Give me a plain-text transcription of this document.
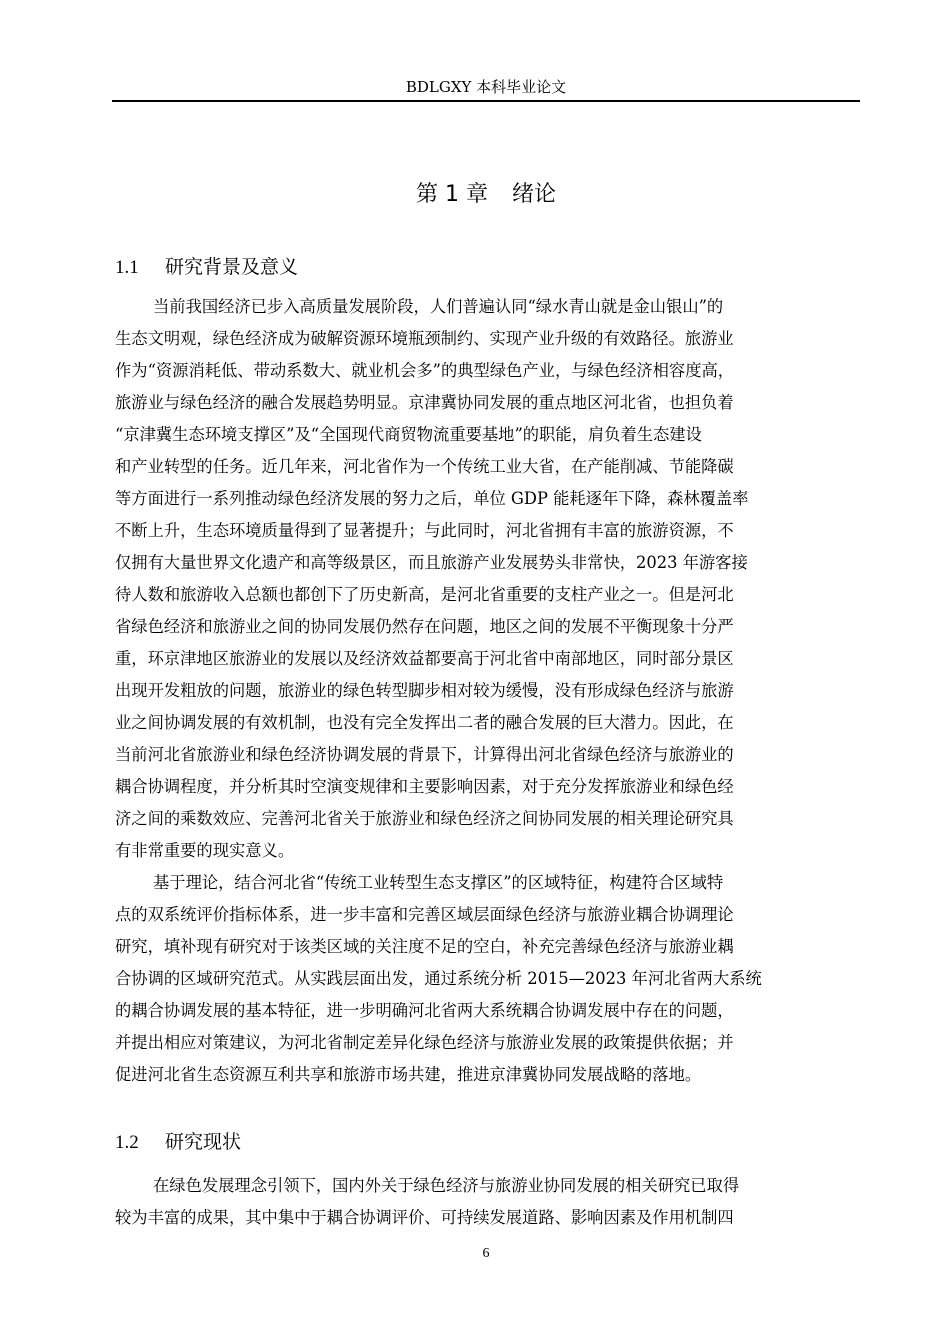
BDLGXY 本科毕业论文
第 1 章 绪论
1.1 研究背景及意义
当前我国经济已步入高质量发展阶段，人们普遍认同“绿水青山就是金山银山”的
生态文明观，绿色经济成为破解资源环境瓶颈制约、实现产业升级的有效路径。旅游业
作为“资源消耗低、带动系数大、就业机会多”的典型绿色产业，与绿色经济相容度高，
旅游业与绿色经济的融合发展趋势明显。京津冀协同发展的重点地区河北省，也担负着
“京津冀生态环境支撑区”及“全国现代商贸物流重要基地”的职能，肩负着生态建设
和产业转型的任务。近几年来，河北省作为一个传统工业大省，在产能削减、节能降碳
等方面进行一系列推动绿色经济发展的努力之后，单位 GDP 能耗逐年下降，森林覆盖率
不断上升，生态环境质量得到了显著提升；与此同时，河北省拥有丰富的旅游资源，不
仅拥有大量世界文化遗产和高等级景区，而且旅游产业发展势头非常快，2023 年游客接
待人数和旅游收入总额也都创下了历史新高，是河北省重要的支柱产业之一。但是河北
省绿色经济和旅游业之间的协同发展仍然存在问题，地区之间的发展不平衡现象十分严
重，环京津地区旅游业的发展以及经济效益都要高于河北省中南部地区，同时部分景区
出现开发粗放的问题，旅游业的绿色转型脚步相对较为缓慢，没有形成绿色经济与旅游
业之间协调发展的有效机制，也没有完全发挥出二者的融合发展的巨大潜力。因此，在
当前河北省旅游业和绿色经济协调发展的背景下，计算得出河北省绿色经济与旅游业的
耦合协调程度，并分析其时空演变规律和主要影响因素，对于充分发挥旅游业和绿色经
济之间的乘数效应、完善河北省关于旅游业和绿色经济之间协同发展的相关理论研究具
有非常重要的现实意义。
基于理论，结合河北省“传统工业转型生态支撑区”的区域特征，构建符合区域特
点的双系统评价指标体系，进一步丰富和完善区域层面绿色经济与旅游业耦合协调理论
研究，填补现有研究对于该类区域的关注度不足的空白，补充完善绿色经济与旅游业耦
合协调的区域研究范式。从实践层面出发，通过系统分析 2015—2023 年河北省两大系统
的耦合协调发展的基本特征，进一步明确河北省两大系统耦合协调发展中存在的问题，
并提出相应对策建议，为河北省制定差异化绿色经济与旅游业发展的政策提供依据；并
促进河北省生态资源互利共享和旅游市场共建，推进京津冀协同发展战略的落地。
1.2 研究现状
在绿色发展理念引领下，国内外关于绿色经济与旅游业协同发展的相关研究已取得
较为丰富的成果，其中集中于耦合协调评价、可持续发展道路、影响因素及作用机制四
6
